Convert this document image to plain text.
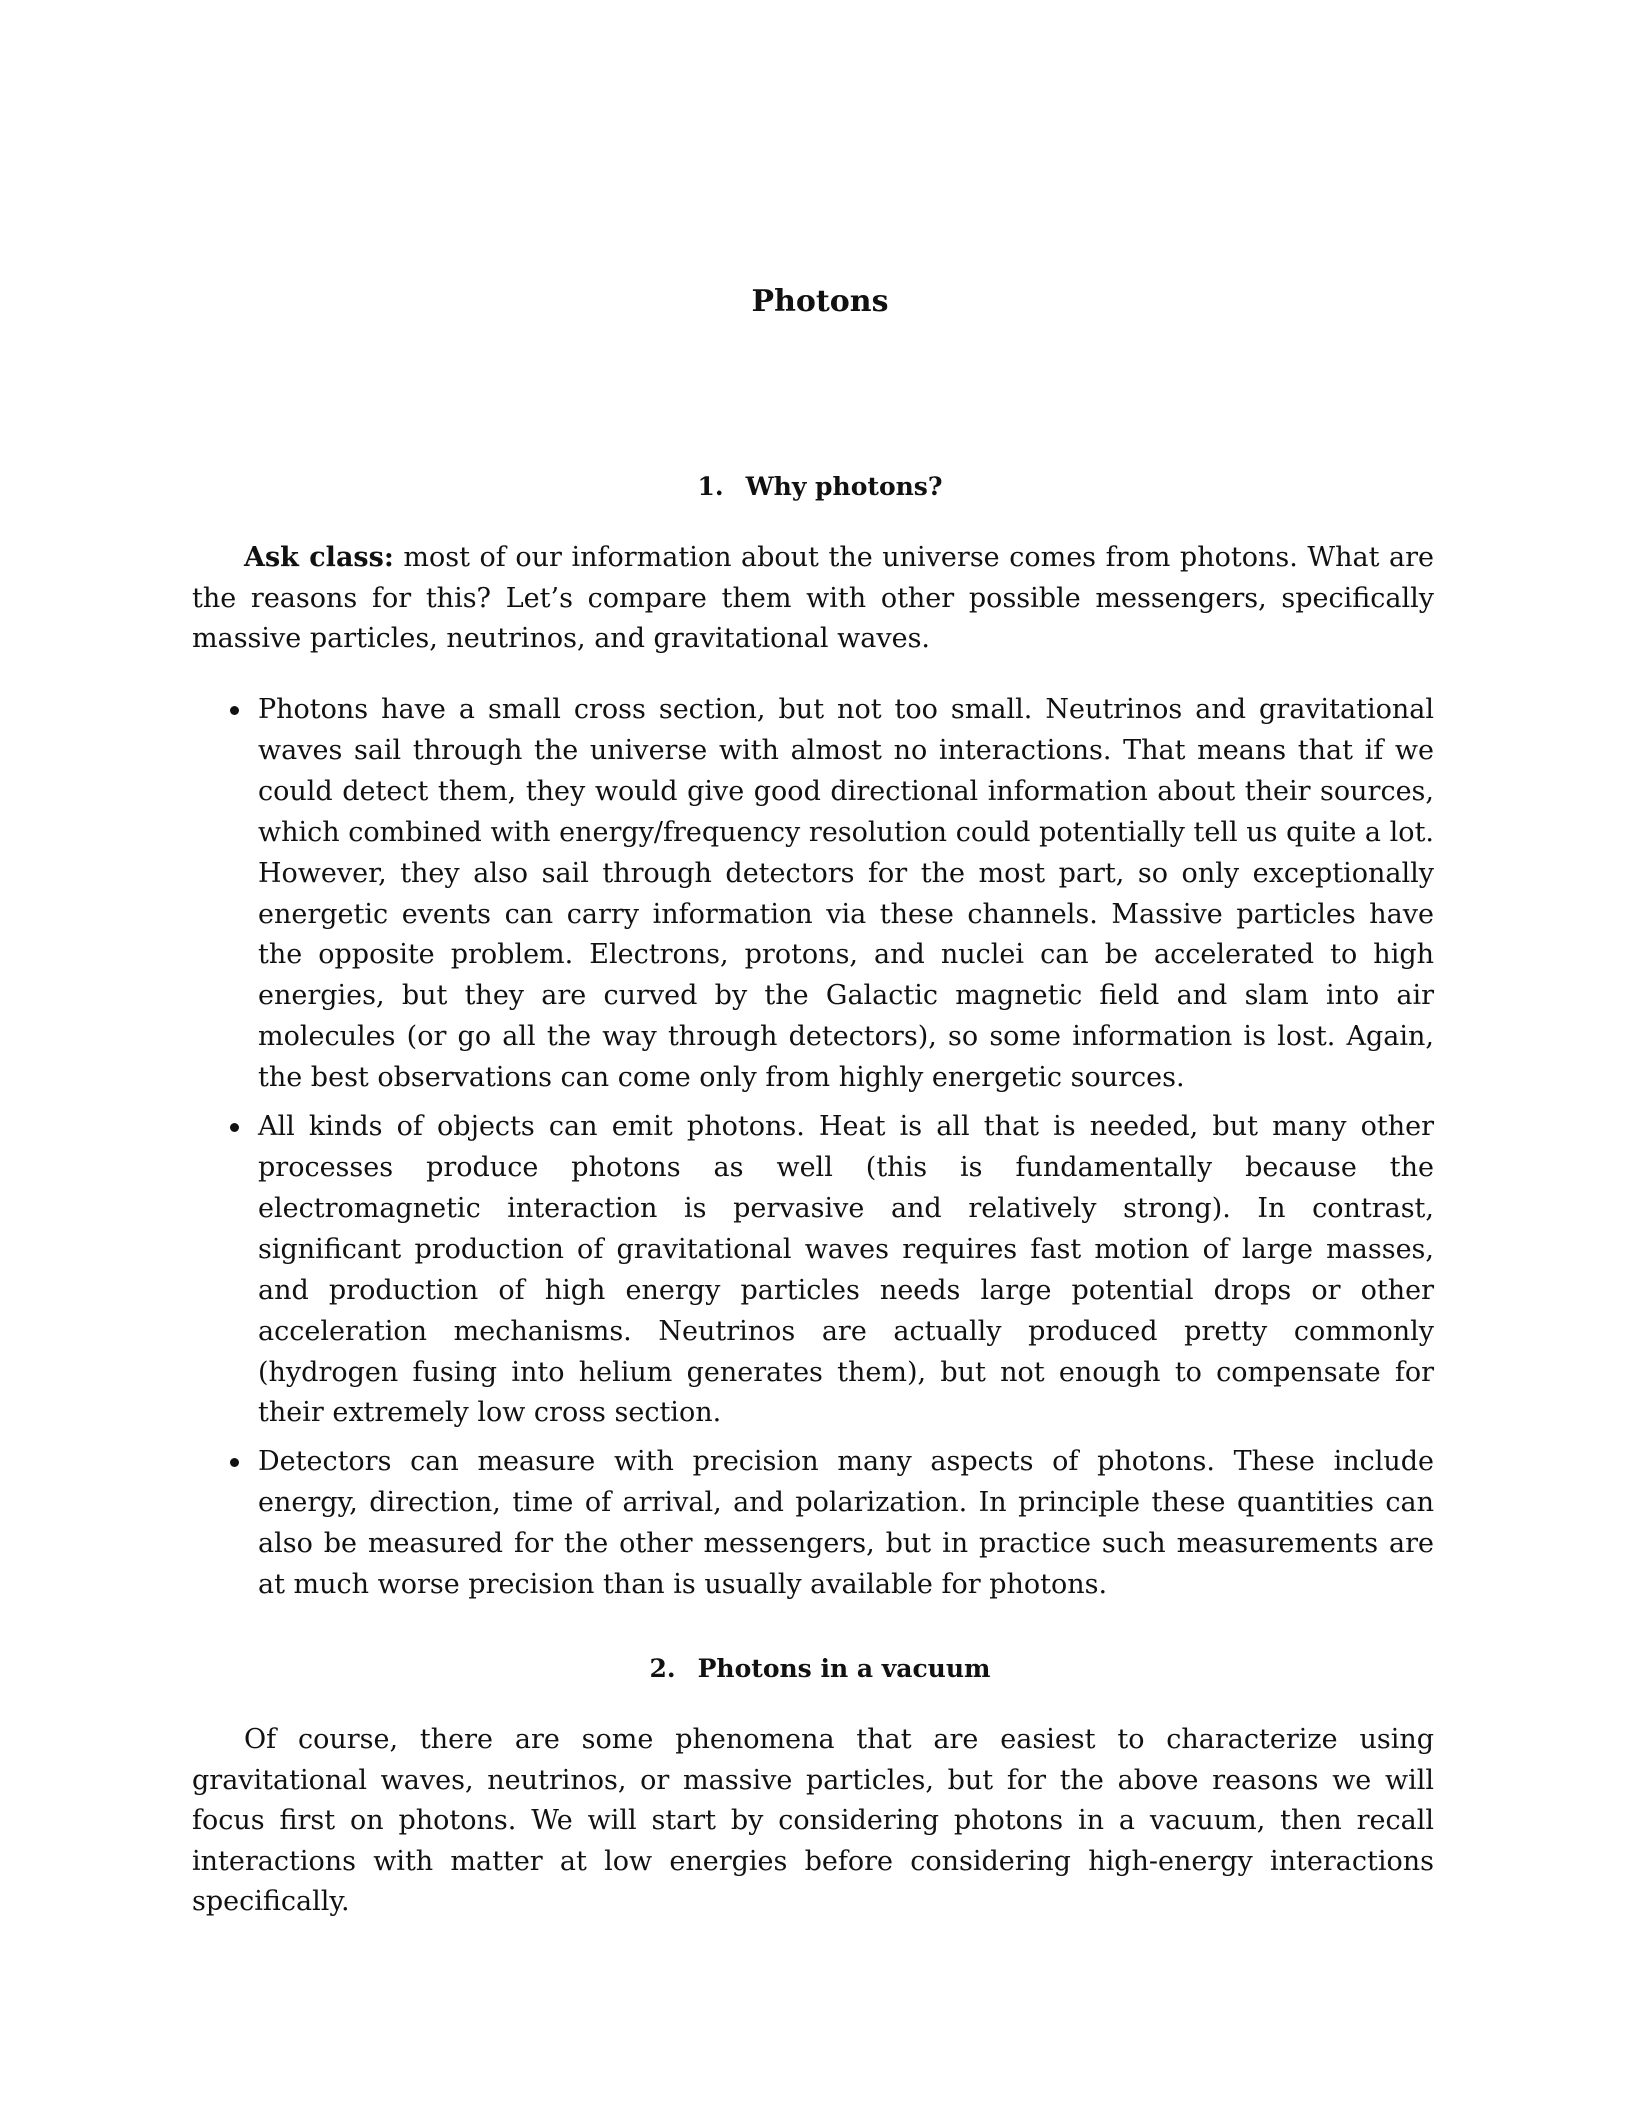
Photons
1. Why photons?

Ask class: most of our information about the universe comes from photons. What are the reasons for this? Let’s compare them with other possible messengers, specifically massive particles, neutrinos, and gravitational waves.

Photons have a small cross section, but not too small. Neutrinos and gravitational waves sail through the universe with almost no interactions. That means that if we could detect them, they would give good directional information about their sources, which combined with energy/frequency resolution could potentially tell us quite a lot. However, they also sail through detectors for the most part, so only exceptionally energetic events can carry information via these channels. Massive particles have the opposite problem. Electrons, protons, and nuclei can be accelerated to high energies, but they are curved by the Galactic magnetic field and slam into air molecules (or go all the way through detectors), so some information is lost. Again, the best observations can come only from highly energetic sources.
All kinds of objects can emit photons. Heat is all that is needed, but many other processes produce photons as well (this is fundamentally because the electromagnetic interaction is pervasive and relatively strong). In contrast, significant production of gravitational waves requires fast motion of large masses, and production of high energy particles needs large potential drops or other acceleration mechanisms. Neutrinos are actually produced pretty commonly (hydrogen fusing into helium generates them), but not enough to compensate for their extremely low cross section.
Detectors can measure with precision many aspects of photons. These include energy, direction, time of arrival, and polarization. In principle these quantities can also be measured for the other messengers, but in practice such measurements are at much worse precision than is usually available for photons.
2. Photons in a vacuum

Of course, there are some phenomena that are easiest to characterize using gravitational waves, neutrinos, or massive particles, but for the above reasons we will focus first on photons. We will start by considering photons in a vacuum, then recall interactions with matter at low energies before considering high-energy interactions specifically.
